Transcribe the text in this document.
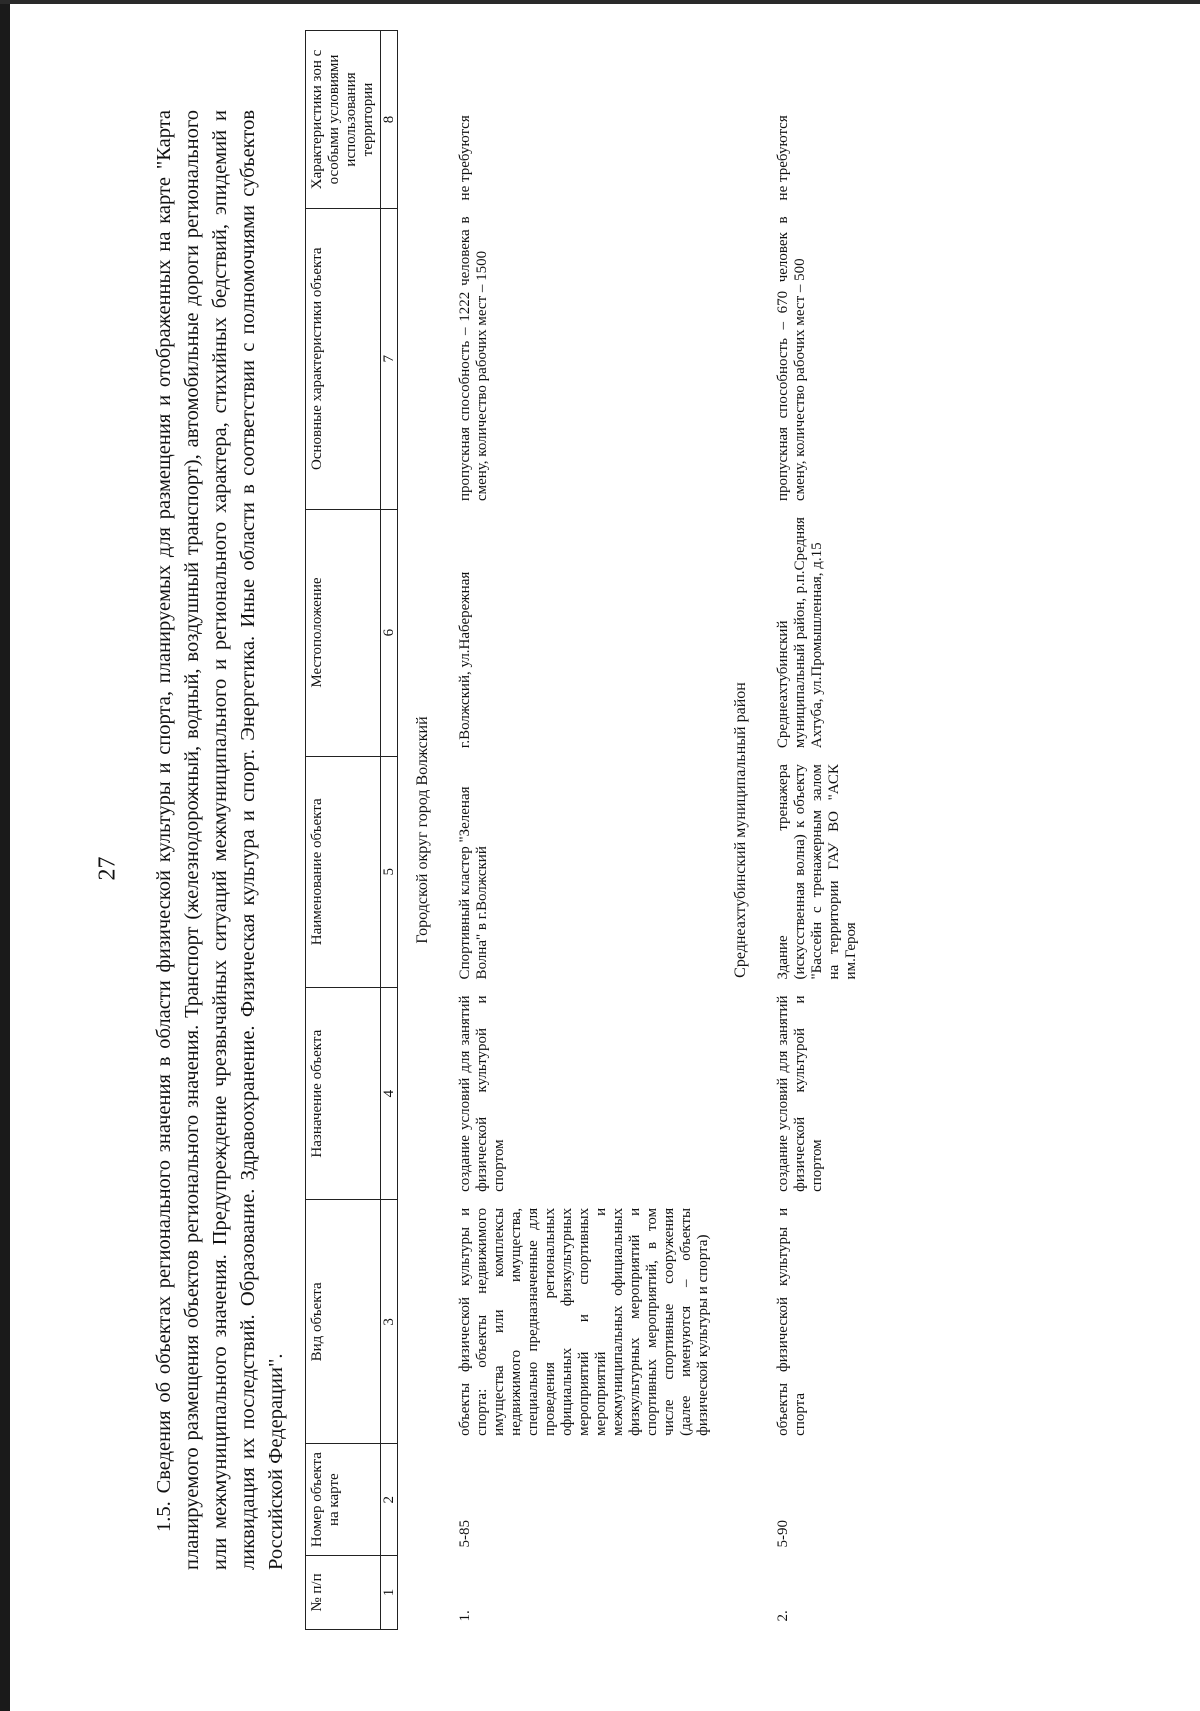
27 1.5. Сведения об объектах регионального значения в области физической культуры и спорта, планируемых для размещения и отображенных на карте "Карта планируемого размещения объектов регионального значения. Транспорт (железнодорожный, водный, воздушный транспорт), автомобильные дороги регионального или межмуниципального значения. Предупреждение чрезвычайных ситуаций межмуниципального и регионального характера, стихийных бедствий, эпидемий и ликвидация их последствий. Образование. Здравоохранение. Физическая культура и спорт. Энергетика. Иные области в соответствии с полномочиями субъектов Российской Федерации".

№ п/п	Номер объекта на карте	Вид объекта	Назначение объекта	Наименование объекта	Местоположение	Основные характеристики объекта	Характеристики зон с особыми условиями использования территории
1	2	3	4	5	6	7	8
Городской округ город Волжский							
1.	5-85	объекты физической культуры и спорта: объекты недвижимого имущества или комплексы недвижимого имущества, специально предназначенные для проведения региональных официальных физкультурных мероприятий и спортивных мероприятий и межмуниципальных официальных физкультурных мероприятий и спортивных мероприятий, в том числе спортивные сооружения (далее именуются – объекты физической культуры и спорта)	создание условий для занятий физической культурой и спортом	Спортивный кластер "Зеленая Волна" в г.Волжский	г.Волжский, ул.Набережная	пропускная способность – 1222 человека в смену, количество рабочих мест – 1500	не требуются
Среднеахтубинский муниципальный район							
2.	5-90	объекты физической культуры и спорта	создание условий для занятий физической культурой и спортом	Здание тренажера (искусственная волна) к объекту "Бассейн с тренажерным залом на территории ГАУ ВО "АСК им.Героя	Среднеахтубинский муниципальный район, р.п.Средняя Ахтуба, ул.Промышленная, д.15	пропускная способность – 670 человек в смену, количество рабочих мест – 500	не требуются
